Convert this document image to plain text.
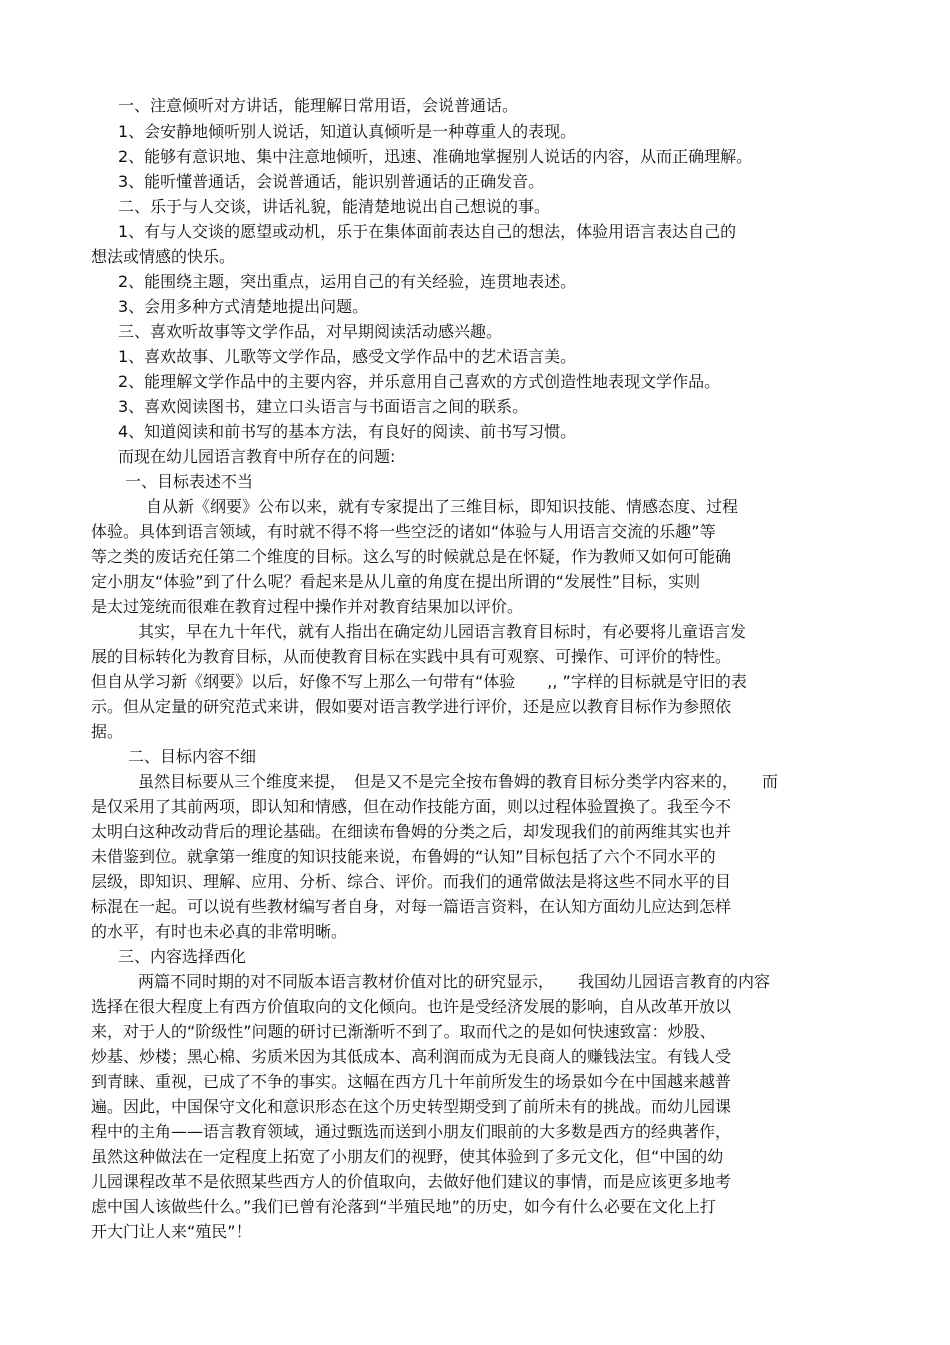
一、注意倾听对方讲话，能理解日常用语，会说普通话。
1、会安静地倾听别人说话，知道认真倾听是一种尊重人的表现。
2、能够有意识地、集中注意地倾听，迅速、准确地掌握别人说话的内容，从而正确理解。
3、能听懂普通话，会说普通话，能识别普通话的正确发音。
二、乐于与人交谈，讲话礼貌，能清楚地说出自己想说的事。
1、有与人交谈的愿望或动机，乐于在集体面前表达自己的想法，体验用语言表达自己的
想法或情感的快乐。
2、能围绕主题，突出重点，运用自己的有关经验，连贯地表述。
3、会用多种方式清楚地提出问题。
三、喜欢听故事等文学作品，对早期阅读活动感兴趣。
1、喜欢故事、儿歌等文学作品，感受文学作品中的艺术语言美。
2、能理解文学作品中的主要内容，并乐意用自己喜欢的方式创造性地表现文学作品。
3、喜欢阅读图书，建立口头语言与书面语言之间的联系。
4、知道阅读和前书写的基本方法，有良好的阅读、前书写习惯。
而现在幼儿园语言教育中所存在的问题:
一、目标表述不当
自从新《纲要》公布以来，就有专家提出了三维目标，即知识技能、情感态度、过程
体验。具体到语言领域，有时就不得不将一些空泛的诸如“体验与人用语言交流的乐趣”等
等之类的废话充任第二个维度的目标。这么写的时候就总是在怀疑，作为教师又如何可能确
定小朋友“体验”到了什么呢？看起来是从儿童的角度在提出所谓的“发展性”目标，实则
是太过笼统而很难在教育过程中操作并对教育结果加以评价。
其实，早在九十年代，就有人指出在确定幼儿园语言教育目标时，有必要将儿童语言发
展的目标转化为教育目标，从而使教育目标在实践中具有可观察、可操作、可评价的特性。
但自从学习新《纲要》以后，好像不写上那么一句带有“体验　　,, ”字样的目标就是守旧的表
示。但从定量的研究范式来讲，假如要对语言教学进行评价，还是应以教育目标作为参照依
据。
二、目标内容不细
虽然目标要从三个维度来提，　但是又不是完全按布鲁姆的教育目标分类学内容来的，　　而
是仅采用了其前两项，即认知和情感，但在动作技能方面，则以过程体验置换了。我至今不
太明白这种改动背后的理论基础。在细读布鲁姆的分类之后，却发现我们的前两维其实也并
未借鉴到位。就拿第一维度的知识技能来说，布鲁姆的“认知”目标包括了六个不同水平的
层级，即知识、理解、应用、分析、综合、评价。而我们的通常做法是将这些不同水平的目
标混在一起。可以说有些教材编写者自身，对每一篇语言资料，在认知方面幼儿应达到怎样
的水平，有时也未必真的非常明晰。
三、内容选择西化
两篇不同时期的对不同版本语言教材价值对比的研究显示，　　我国幼儿园语言教育的内容
选择在很大程度上有西方价值取向的文化倾向。也许是受经济发展的影响，自从改革开放以
来，对于人的“阶级性”问题的研讨已渐渐听不到了。取而代之的是如何快速致富：炒股、
炒基、炒楼；黑心棉、劣质米因为其低成本、高利润而成为无良商人的赚钱法宝。有钱人受
到青睐、重视，已成了不争的事实。这幅在西方几十年前所发生的场景如今在中国越来越普
遍。因此，中国保守文化和意识形态在这个历史转型期受到了前所未有的挑战。而幼儿园课
程中的主角——语言教育领域，通过甄选而送到小朋友们眼前的大多数是西方的经典著作，
虽然这种做法在一定程度上拓宽了小朋友们的视野，使其体验到了多元文化，但“中国的幼
儿园课程改革不是依照某些西方人的价值取向，去做好他们建议的事情，而是应该更多地考
虑中国人该做些什么。”我们已曾有沦落到“半殖民地”的历史，如今有什么必要在文化上打
开大门让人来“殖民”！
